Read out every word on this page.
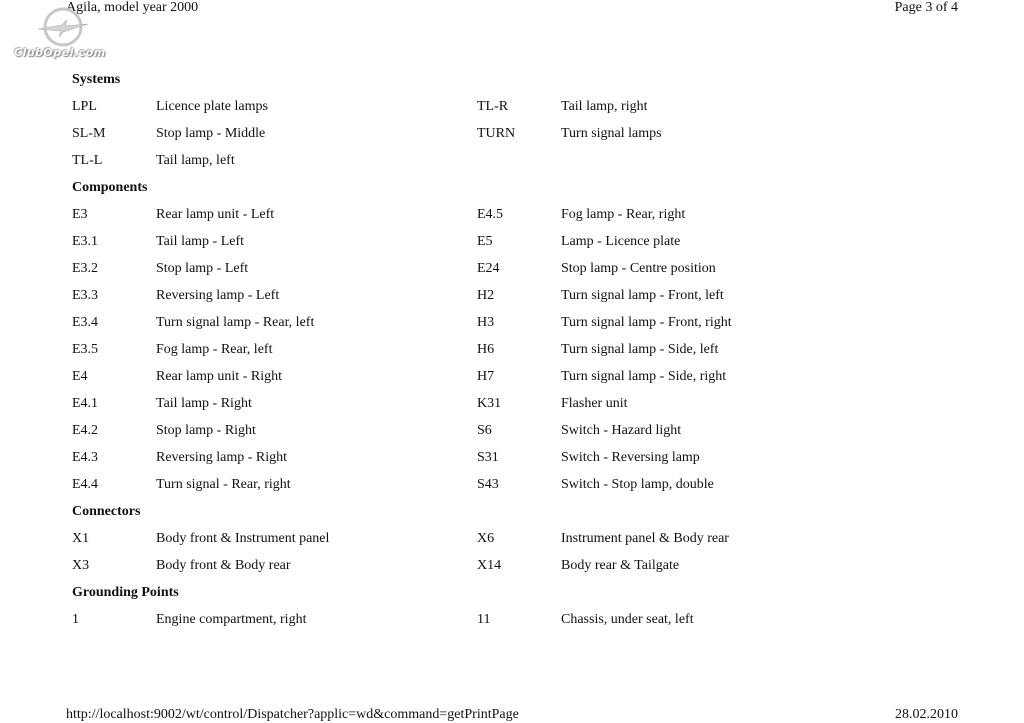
Agila, model year 2000	Page 3 of 4
ClubOpel.com
Systems
LPL	Licence plate lamps	TL-R	Tail lamp, right
SL-M	Stop lamp - Middle	TURN	Turn signal lamps
TL-L	Tail lamp, left
Components
E3	Rear lamp unit - Left	E4.5	Fog lamp - Rear, right
E3.1	Tail lamp - Left	E5	Lamp - Licence plate
E3.2	Stop lamp - Left	E24	Stop lamp - Centre position
E3.3	Reversing lamp - Left	H2	Turn signal lamp - Front, left
E3.4	Turn signal lamp - Rear, left	H3	Turn signal lamp - Front, right
E3.5	Fog lamp - Rear, left	H6	Turn signal lamp - Side, left
E4	Rear lamp unit - Right	H7	Turn signal lamp - Side, right
E4.1	Tail lamp - Right	K31	Flasher unit
E4.2	Stop lamp - Right	S6	Switch - Hazard light
E4.3	Reversing lamp - Right	S31	Switch - Reversing lamp
E4.4	Turn signal - Rear, right	S43	Switch - Stop lamp, double
Connectors
X1	Body front & Instrument panel	X6	Instrument panel & Body rear
X3	Body front & Body rear	X14	Body rear & Tailgate
Grounding Points
1	Engine compartment, right	11	Chassis, under seat, left
http://localhost:9002/wt/control/Dispatcher?applic=wd&command=getPrintPage	28.02.2010
